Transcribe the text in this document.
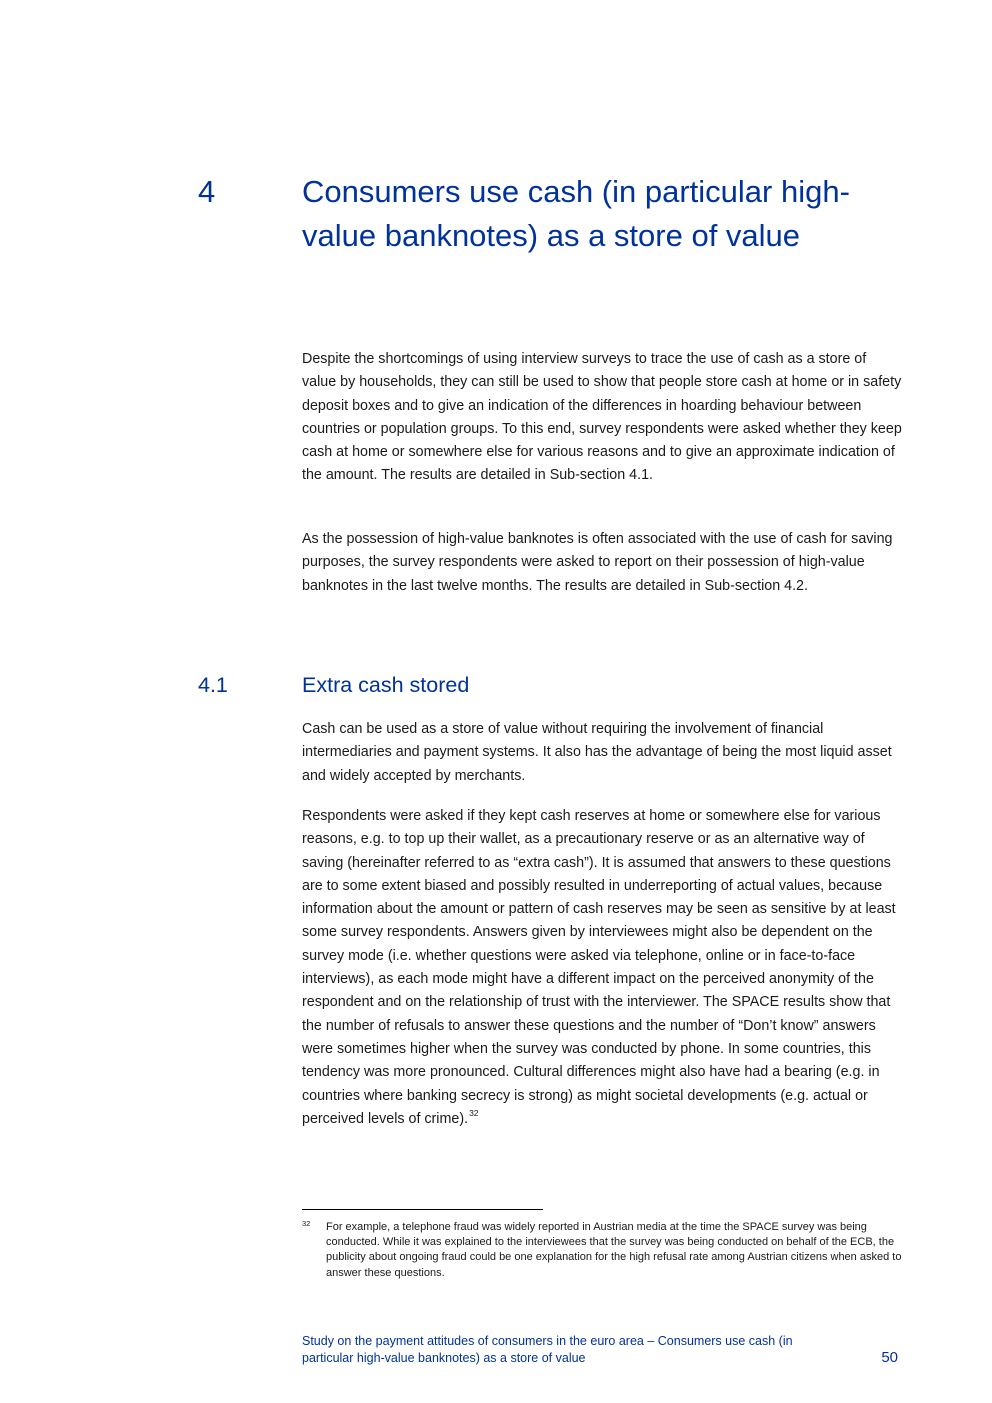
4	Consumers use cash (in particular high-value banknotes) as a store of value

Despite the shortcomings of using interview surveys to trace the use of cash as a store of value by households, they can still be used to show that people store cash at home or in safety deposit boxes and to give an indication of the differences in hoarding behaviour between countries or population groups. To this end, survey respondents were asked whether they keep cash at home or somewhere else for various reasons and to give an approximate indication of the amount. The results are detailed in Sub-section 4.1.

As the possession of high-value banknotes is often associated with the use of cash for saving purposes, the survey respondents were asked to report on their possession of high-value banknotes in the last twelve months. The results are detailed in Sub-section 4.2.

4.1	Extra cash stored

Cash can be used as a store of value without requiring the involvement of financial intermediaries and payment systems. It also has the advantage of being the most liquid asset and widely accepted by merchants.

Respondents were asked if they kept cash reserves at home or somewhere else for various reasons, e.g. to top up their wallet, as a precautionary reserve or as an alternative way of saving (hereinafter referred to as “extra cash”). It is assumed that answers to these questions are to some extent biased and possibly resulted in underreporting of actual values, because information about the amount or pattern of cash reserves may be seen as sensitive by at least some survey respondents. Answers given by interviewees might also be dependent on the survey mode (i.e. whether questions were asked via telephone, online or in face-to-face interviews), as each mode might have a different impact on the perceived anonymity of the respondent and on the relationship of trust with the interviewer. The SPACE results show that the number of refusals to answer these questions and the number of “Don’t know” answers were sometimes higher when the survey was conducted by phone. In some countries, this tendency was more pronounced. Cultural differences might also have had a bearing (e.g. in countries where banking secrecy is strong) as might societal developments (e.g. actual or perceived levels of crime).$^{32}$

32 For example, a telephone fraud was widely reported in Austrian media at the time the SPACE survey was being conducted. While it was explained to the interviewees that the survey was being conducted on behalf of the ECB, the publicity about ongoing fraud could be one explanation for the high refusal rate among Austrian citizens when asked to answer these questions.

Study on the payment attitudes of consumers in the euro area – Consumers use cash (in particular high-value banknotes) as a store of value	50
